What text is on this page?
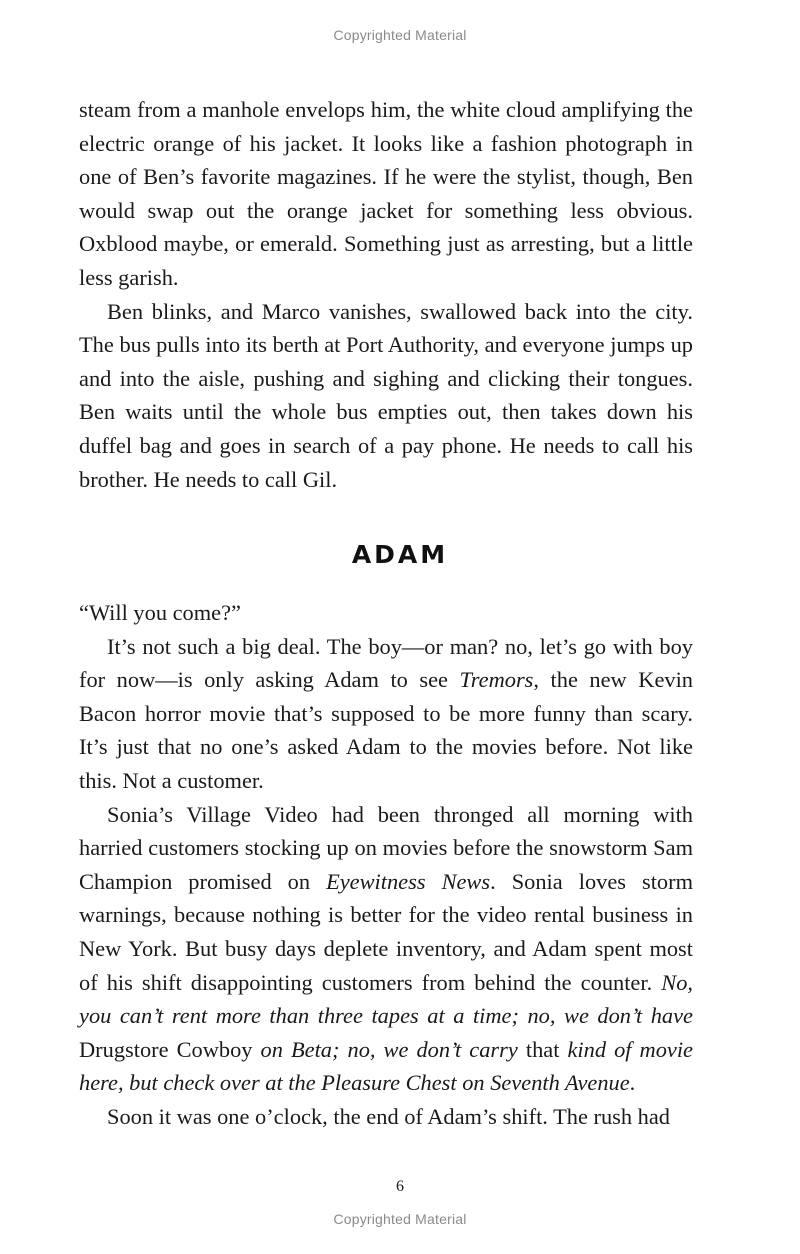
Copyrighted Material

steam from a manhole envelops him, the white cloud amplifying the electric orange of his jacket. It looks like a fashion photograph in one of Ben’s favorite magazines. If he were the stylist, though, Ben would swap out the orange jacket for something less obvious. Oxblood maybe, or emerald. Something just as arresting, but a little less garish.

Ben blinks, and Marco vanishes, swallowed back into the city. The bus pulls into its berth at Port Authority, and everyone jumps up and into the aisle, pushing and sighing and clicking their tongues. Ben waits until the whole bus empties out, then takes down his duffel bag and goes in search of a pay phone. He needs to call his brother. He needs to call Gil.

ADAM

“Will you come?”

It’s not such a big deal. The boy—or man? no, let’s go with boy for now—is only asking Adam to see Tremors, the new Kevin Bacon horror movie that’s supposed to be more funny than scary. It’s just that no one’s asked Adam to the movies before. Not like this. Not a customer.

Sonia’s Village Video had been thronged all morning with harried customers stocking up on movies before the snowstorm Sam Champion promised on Eyewitness News. Sonia loves storm warnings, because nothing is better for the video rental business in New York. But busy days deplete inventory, and Adam spent most of his shift disappointing customers from behind the counter. No, you can’t rent more than three tapes at a time; no, we don’t have Drugstore Cowboy on Beta; no, we don’t carry that kind of movie here, but check over at the Pleasure Chest on Seventh Avenue.

Soon it was one o’clock, the end of Adam’s shift. The rush had

6
Copyrighted Material
